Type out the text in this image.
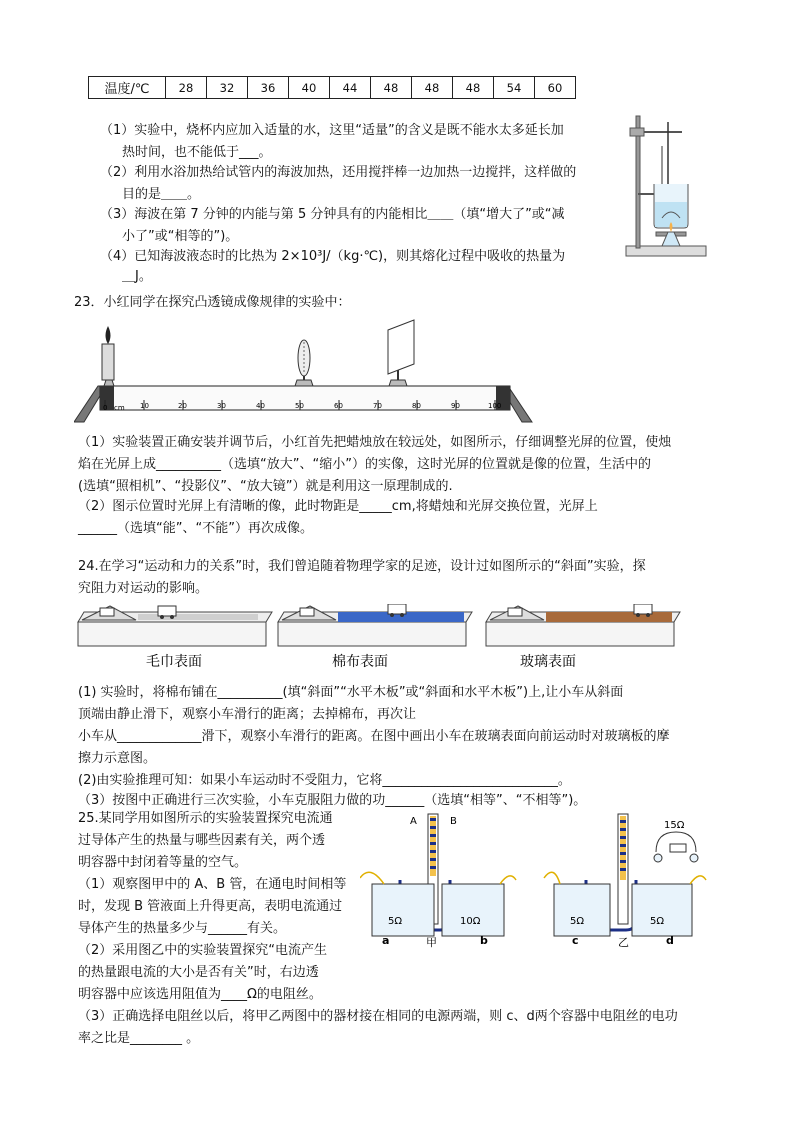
温度/℃	28	32	36	40	44	48	48	48	54	60
（1）实验中，烧杯内应加入适量的水，这里“适量”的含义是既不能水太多延长加
热时间，也不能低于___。
（2）利用水浴加热给试管内的海波加热，还用搅拌棒一边加热一边搅拌，这样做的
目的是＿＿。
（3）海波在第 7 分钟的内能与第 5 分钟具有的内能相比＿＿（填“增大了”或“减
小了”或“相等的”)。
（4）已知海波液态时的比热为 2×10³J/（kg·℃)，则其熔化过程中吸收的热量为
＿J。
23．小红同学在探究凸透镜成像规律的实验中：
0 cm 10	20	30	40	50	60	70	80	90	100
（1）实验装置正确安装并调节后，小红首先把蜡烛放在较远处，如图所示，仔细调整光屏的位置，使烛
焰在光屏上成__________（选填“放大”、“缩小”）的实像，这时光屏的位置就是像的位置，生活中的
(选填“照相机”、“投影仪”、“放大镜”）就是利用这一原理制成的.
（2）图示位置时光屏上有清晰的像，此时物距是_____cm,将蜡烛和光屏交换位置，光屏上
______（选填“能”、“不能”）再次成像。
24.在学习“运动和力的关系”时，我们曾追随着物理学家的足迹，设计过如图所示的“斜面”实验，探
究阻力对运动的影响。
毛巾表面	棉布表面	玻璃表面
(1) 实验时，将棉布铺在__________(填“斜面”“水平木板”或“斜面和水平木板”)上,让小车从斜面
顶端由静止滑下，观察小车滑行的距离；去掉棉布，再次让
小车从_____________滑下，观察小车滑行的距离。在图中画出小车在玻璃表面向前运动时对玻璃板的摩
擦力示意图。
(2)由实验推理可知：如果小车运动时不受阻力，它将___________________________。
（3）按图中正确进行三次实验，小车克服阻力做的功______（选填“相等”、“不相等”)。
25.某同学用如图所示的实验装置探究电流通
过导体产生的热量与哪些因素有关，两个透
明容器中封闭着等量的空气。
（1）观察图甲中的 A、B 管，在通电时间相等
时，发现 B 管液面上升得更高，表明电流通过
导体产生的热量多少与______有关。
（2）采用图乙中的实验装置探究“电流产生
的热量跟电流的大小是否有关”时，右边透
明容器中应该选用阻值为____Ω的电阻丝。
A	B
5Ω	10Ω
a	甲	b
5Ω	5Ω
15Ω
c	乙	d
（3）正确选择电阻丝以后，将甲乙两图中的器材接在相同的电源两端，则 c、d两个容器中电阻丝的电功
率之比是________ 。
